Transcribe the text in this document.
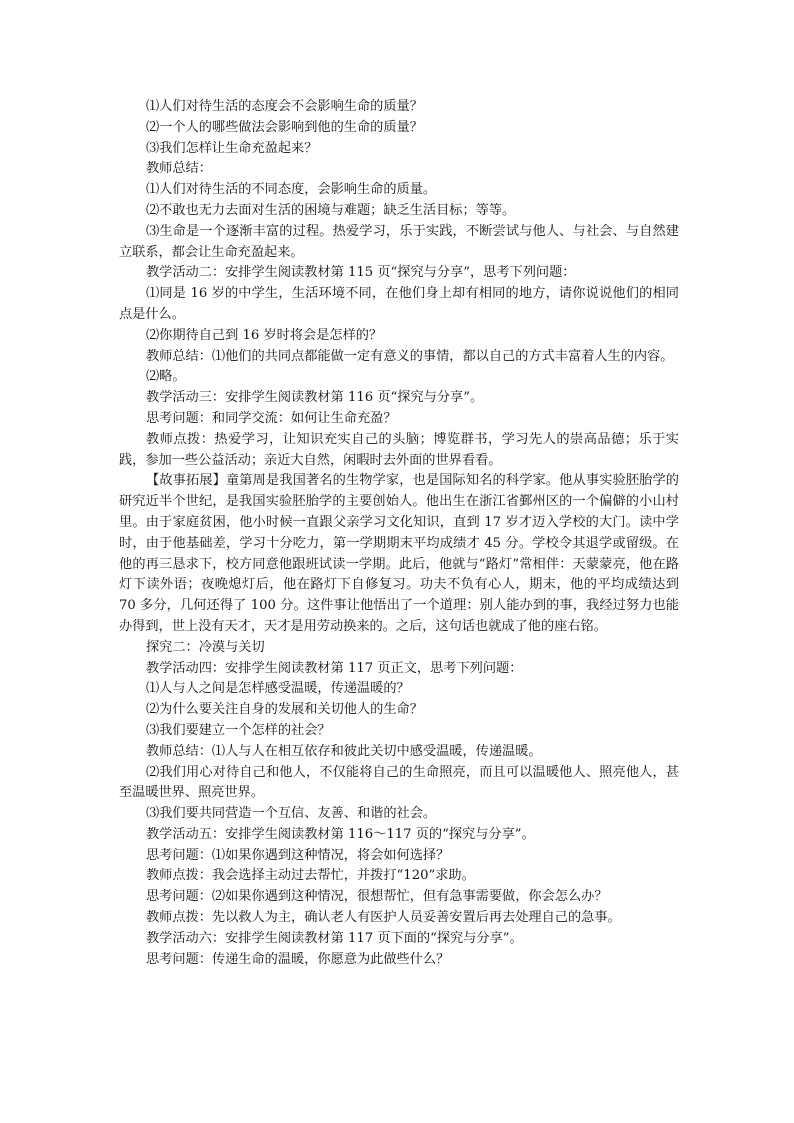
⑴人们对待生活的态度会不会影响生命的质量？
⑵一个人的哪些做法会影响到他的生命的质量？
⑶我们怎样让生命充盈起来？
教师总结：
⑴人们对待生活的不同态度，会影响生命的质量。
⑵不敢也无力去面对生活的困境与难题；缺乏生活目标；等等。
⑶生命是一个逐渐丰富的过程。热爱学习，乐于实践，不断尝试与他人、与社会、与自然建立联系，都会让生命充盈起来。
教学活动二：安排学生阅读教材第 115 页“探究与分享”，思考下列问题：
⑴同是 16 岁的中学生，生活环境不同，在他们身上却有相同的地方，请你说说他们的相同点是什么。
⑵你期待自己到 16 岁时将会是怎样的？
教师总结：⑴他们的共同点都能做一定有意义的事情，都以自己的方式丰富着人生的内容。
⑵略。
教学活动三：安排学生阅读教材第 116 页“探究与分享”。
思考问题：和同学交流：如何让生命充盈？
教师点拨：热爱学习，让知识充实自己的头脑；博览群书，学习先人的崇高品德；乐于实践，参加一些公益活动；亲近大自然，闲暇时去外面的世界看看。
【故事拓展】童第周是我国著名的生物学家，也是国际知名的科学家。他从事实验胚胎学的研究近半个世纪，是我国实验胚胎学的主要创始人。他出生在浙江省鄞州区的一个偏僻的小山村里。由于家庭贫困，他小时候一直跟父亲学习文化知识，直到 17 岁才迈入学校的大门。读中学时，由于他基础差，学习十分吃力，第一学期期末平均成绩才 45 分。学校令其退学或留级。在他的再三恳求下，校方同意他跟班试读一学期。此后，他就与“路灯”常相伴：天蒙蒙亮，他在路灯下读外语；夜晚熄灯后，他在路灯下自修复习。功夫不负有心人，期末，他的平均成绩达到 70 多分，几何还得了 100 分。这件事让他悟出了一个道理：别人能办到的事，我经过努力也能办得到，世上没有天才，天才是用劳动换来的。之后，这句话也就成了他的座右铭。
探究二：冷漠与关切
教学活动四：安排学生阅读教材第 117 页正文，思考下列问题：
⑴人与人之间是怎样感受温暖，传递温暖的？
⑵为什么要关注自身的发展和关切他人的生命？
⑶我们要建立一个怎样的社会？
教师总结：⑴人与人在相互依存和彼此关切中感受温暖，传递温暖。
⑵我们用心对待自己和他人，不仅能将自己的生命照亮，而且可以温暖他人、照亮他人，甚至温暖世界、照亮世界。
⑶我们要共同营造一个互信、友善、和谐的社会。
教学活动五：安排学生阅读教材第 116～117 页的“探究与分享”。
思考问题：⑴如果你遇到这种情况，将会如何选择？
教师点拨：我会选择主动过去帮忙，并拨打“120”求助。
思考问题：⑵如果你遇到这种情况，很想帮忙，但有急事需要做，你会怎么办？
教师点拨：先以救人为主，确认老人有医护人员妥善安置后再去处理自己的急事。
教学活动六：安排学生阅读教材第 117 页下面的“探究与分享”。
思考问题：传递生命的温暖，你愿意为此做些什么？
